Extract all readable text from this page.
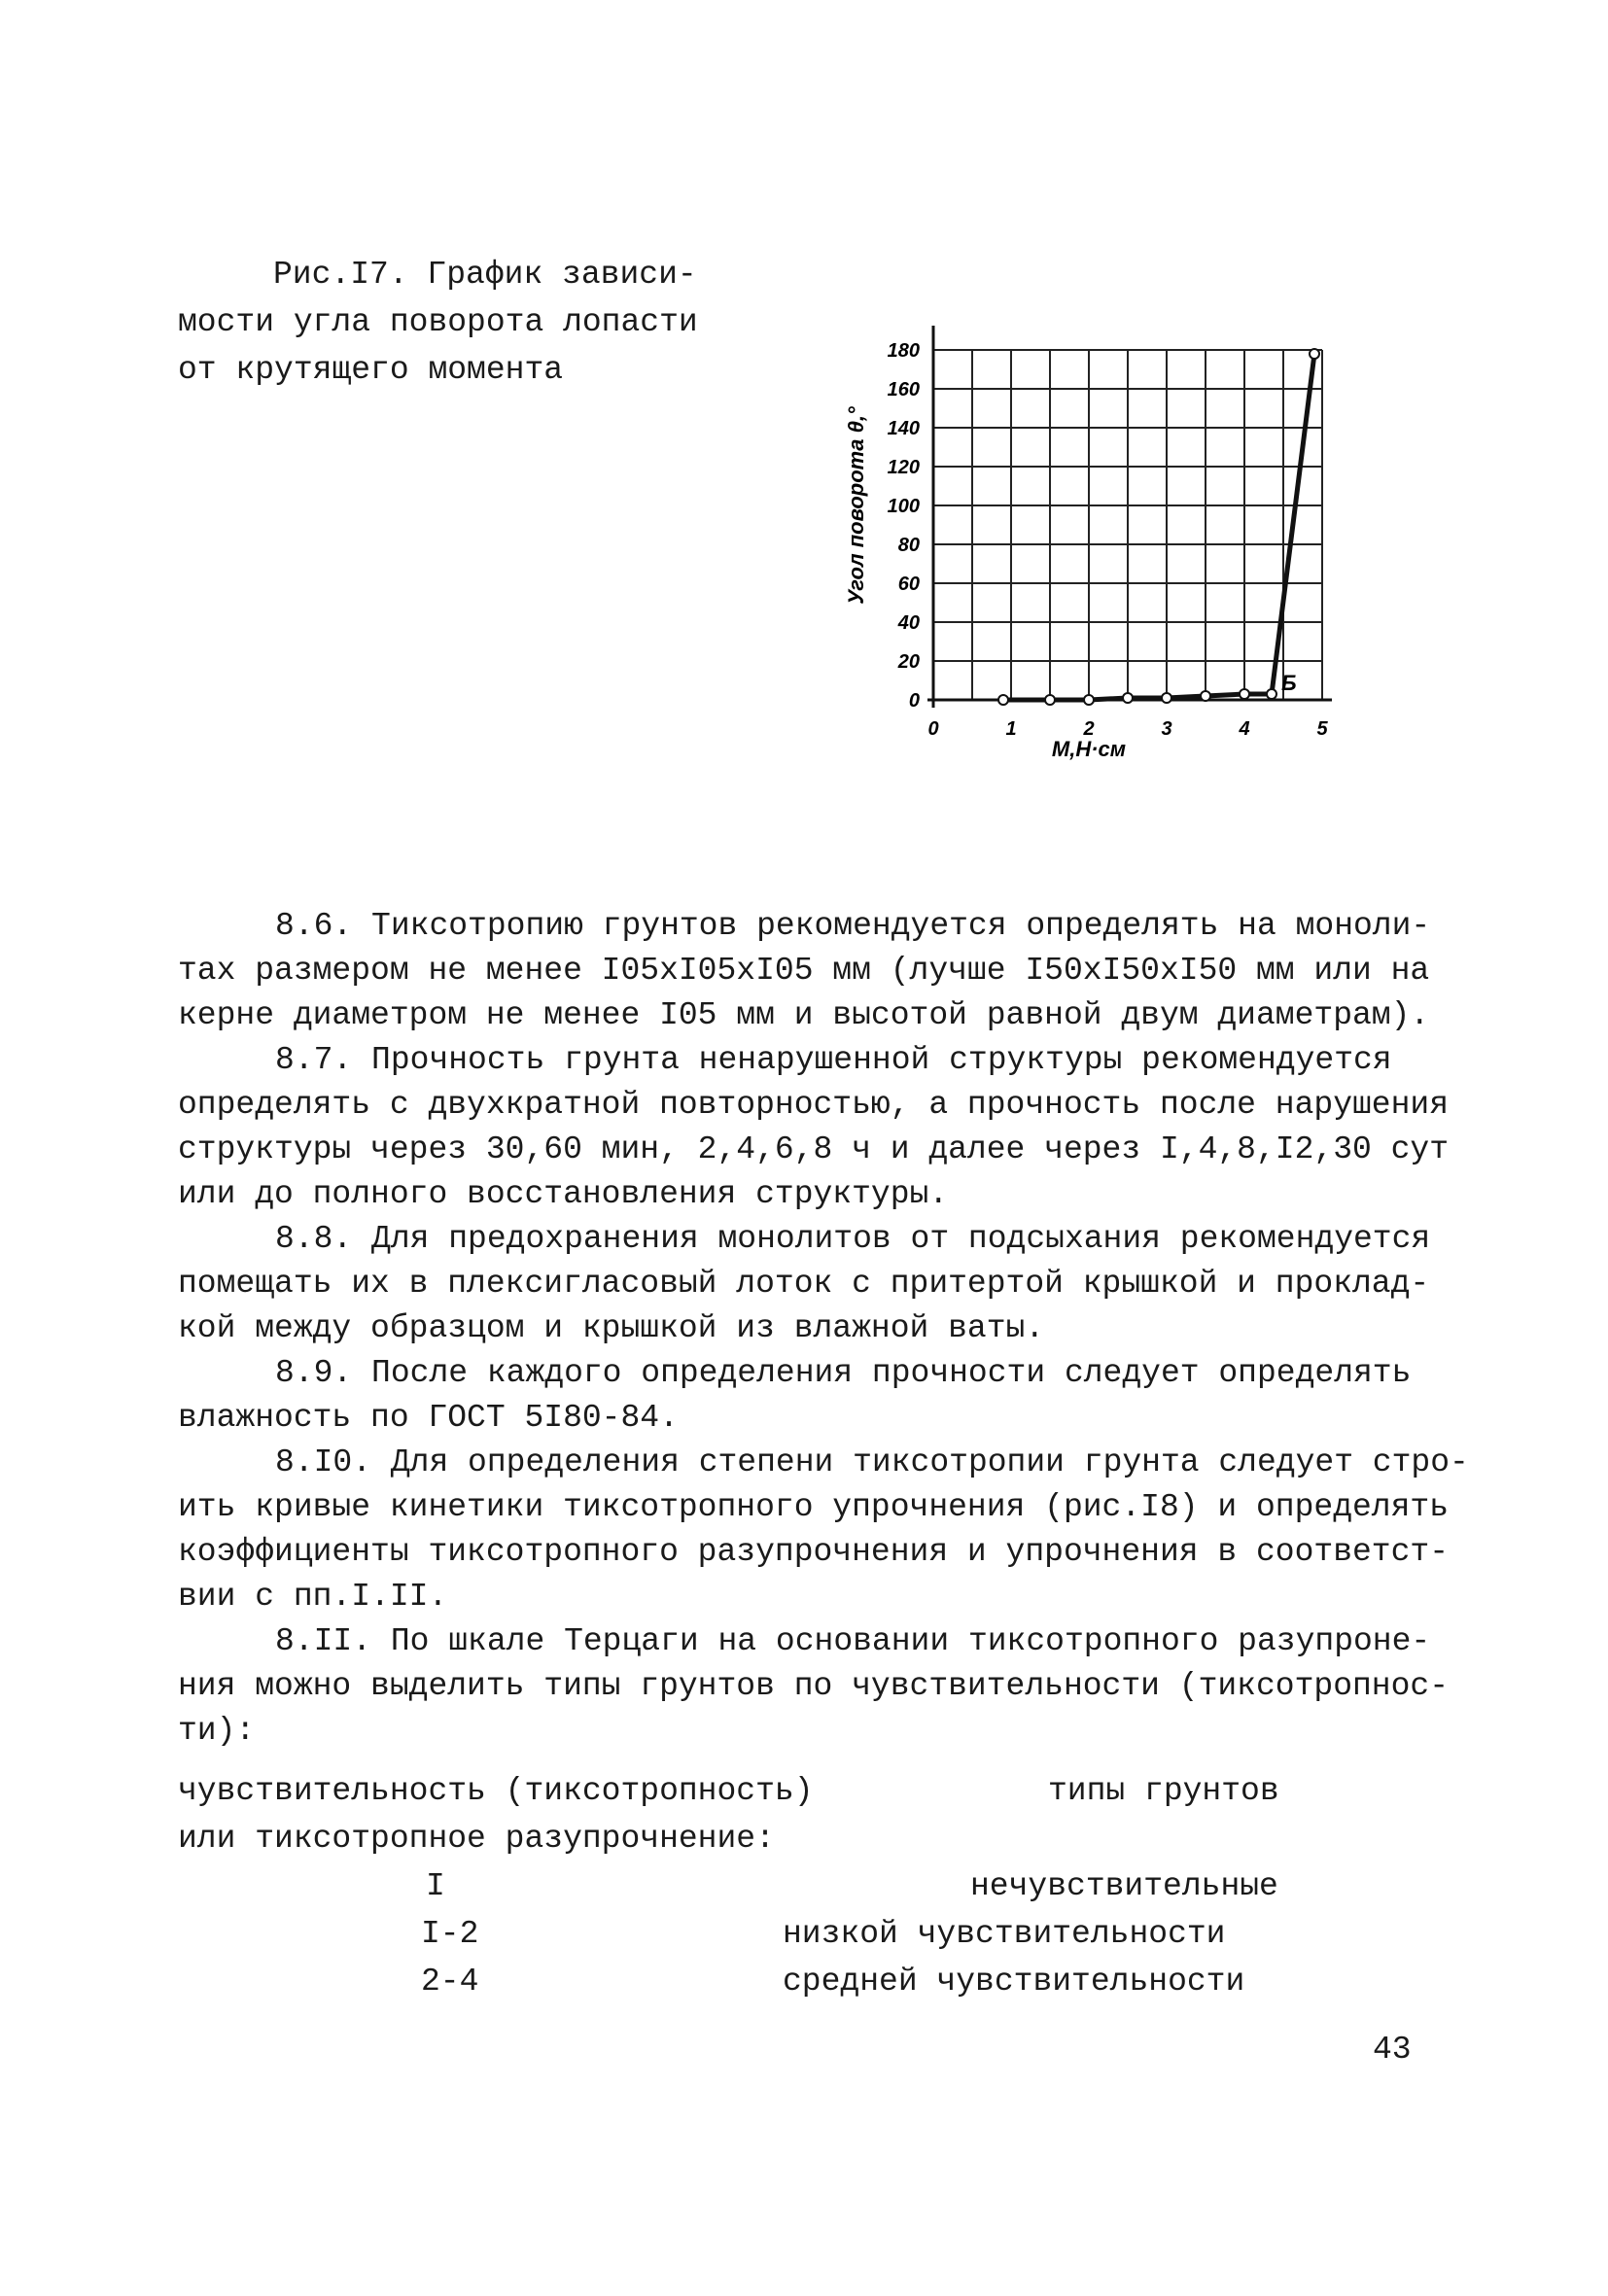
Рис.I7. График зависи-
мости угла поворота лопасти
от крутящего момента
0
20
40
60
80
100
120
140
160
180
0	1	2	3	4	5
Б
М,Н·см
Угол поворота θ,°
8.6. Тиксотропию грунтов рекомендуется определять на моноли-
тах размером не менее I05xI05xI05 мм (лучше I50xI50xI50 мм или на
керне диаметром не менее I05 мм и высотой равной двум диаметрам).
8.7. Прочность грунта ненарушенной структуры рекомендуется
определять с двухкратной повторностью, а прочность после нарушения
структуры через 30,60 мин, 2,4,6,8 ч и далее через I,4,8,I2,30 сут
или до полного восстановления структуры.
8.8. Для предохранения монолитов от подсыхания рекомендуется
помещать их в плексигласовый лоток с притертой крышкой и проклад-
кой между образцом и крышкой из влажной ваты.
8.9. После каждого определения прочности следует определять
влажность по ГОСТ 5I80-84.
8.I0. Для определения степени тиксотропии грунта следует стро-
ить кривые кинетики тиксотропного упрочнения (рис.I8) и определять
коэффициенты тиксотропного разупрочнения и упрочнения в соответст-
вии с пп.I.II.
8.II. По шкале Терцаги на основании тиксотропного разупроне-
ния можно выделить типы грунтов по чувствительности (тиксотропнос-
ти):
чувствительность (тиксотропность)	типы грунтов
или тиксотропное разупрочнение:
I	нечувствительные
I-2	низкой чувствительности
2-4	средней чувствительности
43
